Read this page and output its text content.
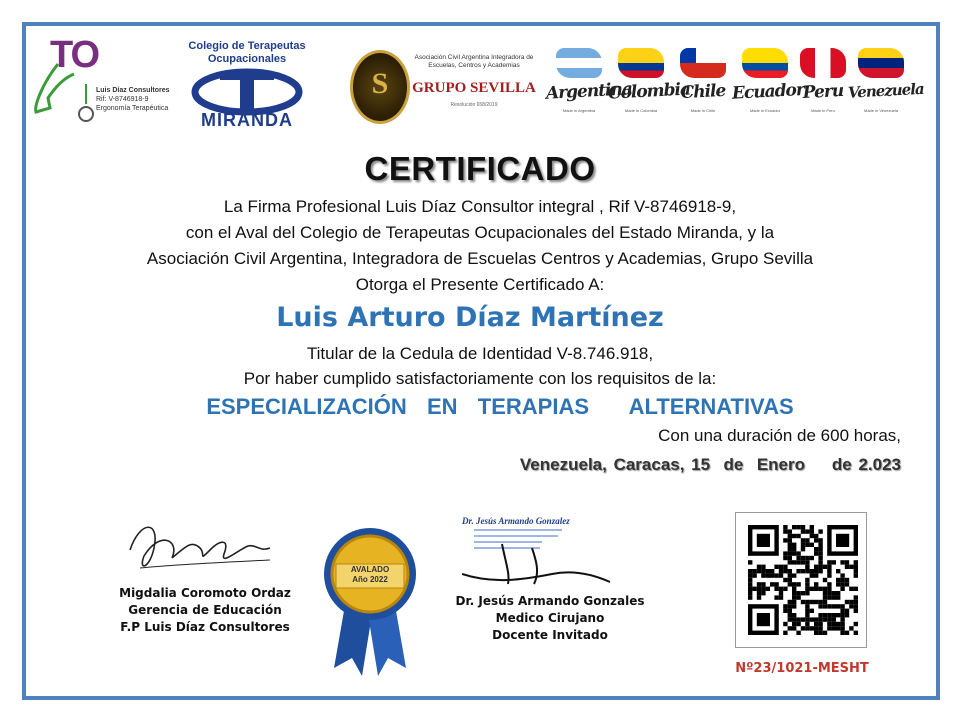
TO
Luis Díaz Consultores
Rif: V-8746918-9
Ergonomía Terapéutica
Colegio de Terapeutas Ocupacionales
MIRANDA
S
Asociación Civil Argentina Integradora de Escuelas, Centros y Academias
GRUPO SEVILLA
Resolución 658/2019
Argentina
Made in Argentina
Colombia
Made in Colombia
Chile
Made in Chile
Ecuador
Made in Ecuador
Peru
Made in Peru
Venezuela
Made in Venezuela
CERTIFICADO
La Firma Profesional Luis Díaz Consultor integral , Rif V-8746918-9,
con el Aval del Colegio de Terapeutas Ocupacionales del Estado Miranda, y la
Asociación Civil Argentina, Integradora de Escuelas Centros y Academias, Grupo Sevilla
Otorga el Presente Certificado A:
Luis Arturo Díaz Martínez
Titular de la Cedula de Identidad V-8.746.918,
Por haber cumplido satisfactoriamente con los requisitos de la:
ESPECIALIZACIÓN  EN  TERAPIAS    ALTERNATIVAS
Con una duración de 600 horas,
Venezuela, Caracas, 15  de  Enero    de 2.023
Migdalia Coromoto Ordaz
Gerencia de Educación
F.P Luis Díaz Consultores
AVALADO
Año 2022
Dr. Jesús Armando Gonzalez
Dr. Jesús Armando Gonzales
Medico Cirujano
Docente Invitado
Nº23/1021-MESHT
